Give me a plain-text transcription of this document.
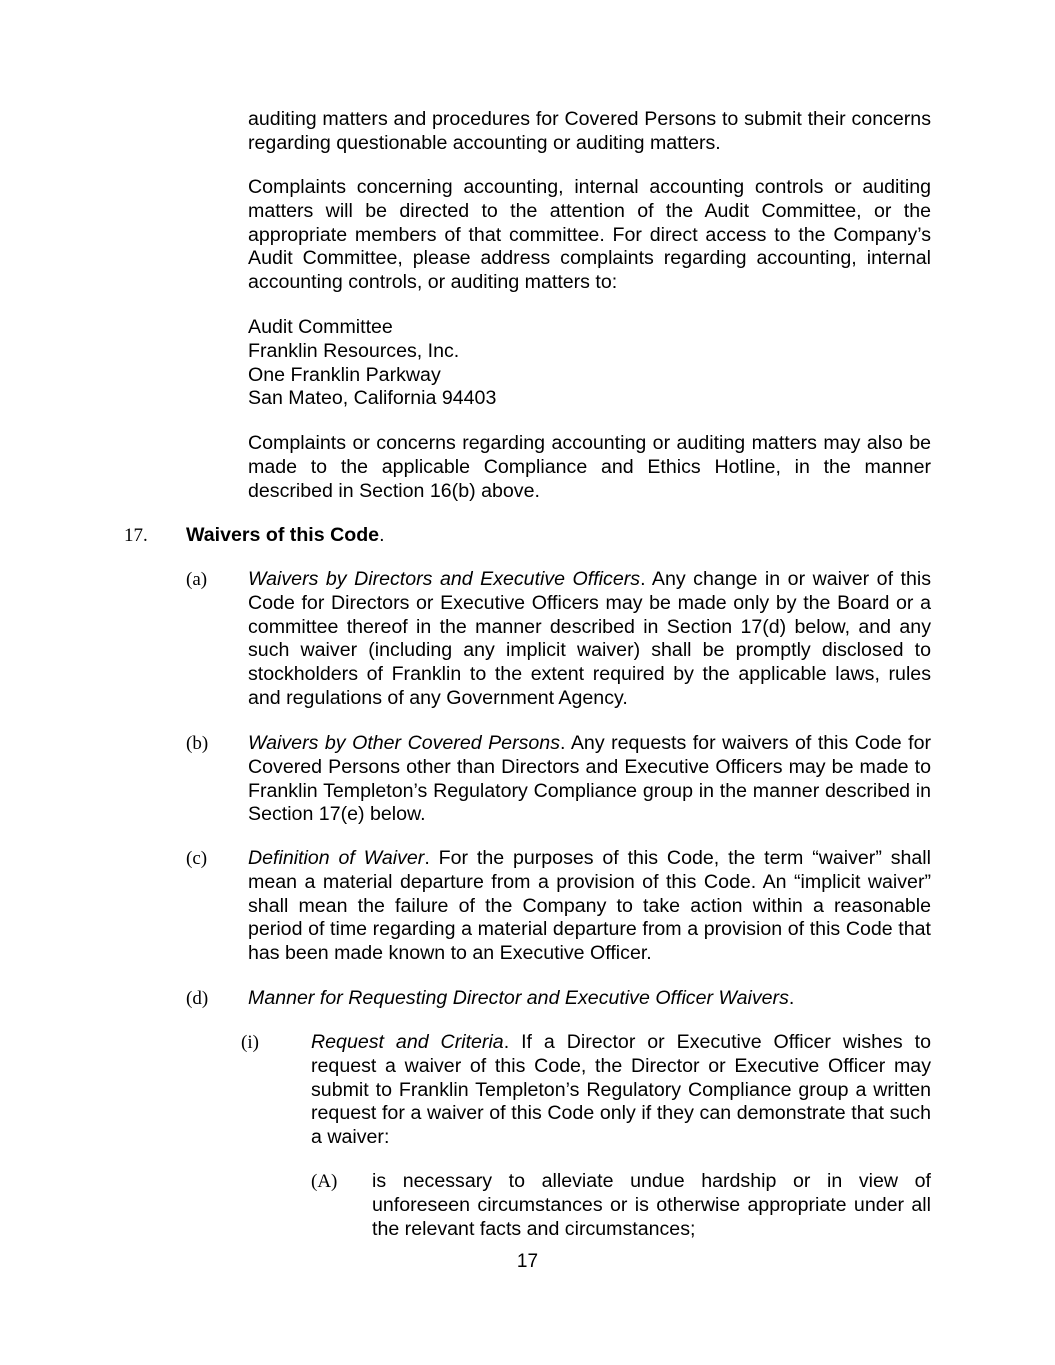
auditing matters and procedures for Covered Persons to submit their concerns regarding questionable accounting or auditing matters.

Complaints concerning accounting, internal accounting controls or auditing matters will be directed to the attention of the Audit Committee, or the appropriate members of that committee. For direct access to the Company’s Audit Committee, please address complaints regarding accounting, internal accounting controls, or auditing matters to:

Audit Committee
Franklin Resources, Inc.
One Franklin Parkway
San Mateo, California 94403

Complaints or concerns regarding accounting or auditing matters may also be made to the applicable Compliance and Ethics Hotline, in the manner described in Section 16(b) above.

17. Waivers of this Code.
(a) Waivers by Directors and Executive Officers. Any change in or waiver of this Code for Directors or Executive Officers may be made only by the Board or a committee thereof in the manner described in Section 17(d) below, and any such waiver (including any implicit waiver) shall be promptly disclosed to stockholders of Franklin to the extent required by the applicable laws, rules and regulations of any Government Agency.

(b) Waivers by Other Covered Persons. Any requests for waivers of this Code for Covered Persons other than Directors and Executive Officers may be made to Franklin Templeton’s Regulatory Compliance group in the manner described in Section 17(e) below.

(c) Definition of Waiver. For the purposes of this Code, the term “waiver” shall mean a material departure from a provision of this Code. An “implicit waiver” shall mean the failure of the Company to take action within a reasonable period of time regarding a material departure from a provision of this Code that has been made known to an Executive Officer.

(d) Manner for Requesting Director and Executive Officer Waivers.

(i)	Request and Criteria. If a Director or Executive Officer wishes to request a waiver of this Code, the Director or Executive Officer may submit to Franklin Templeton’s Regulatory Compliance group a written request for a waiver of this Code only if they can demonstrate that such a waiver:

(A) is necessary to alleviate undue hardship or in view of unforeseen circumstances or is otherwise appropriate under all the relevant facts and circumstances;

17
